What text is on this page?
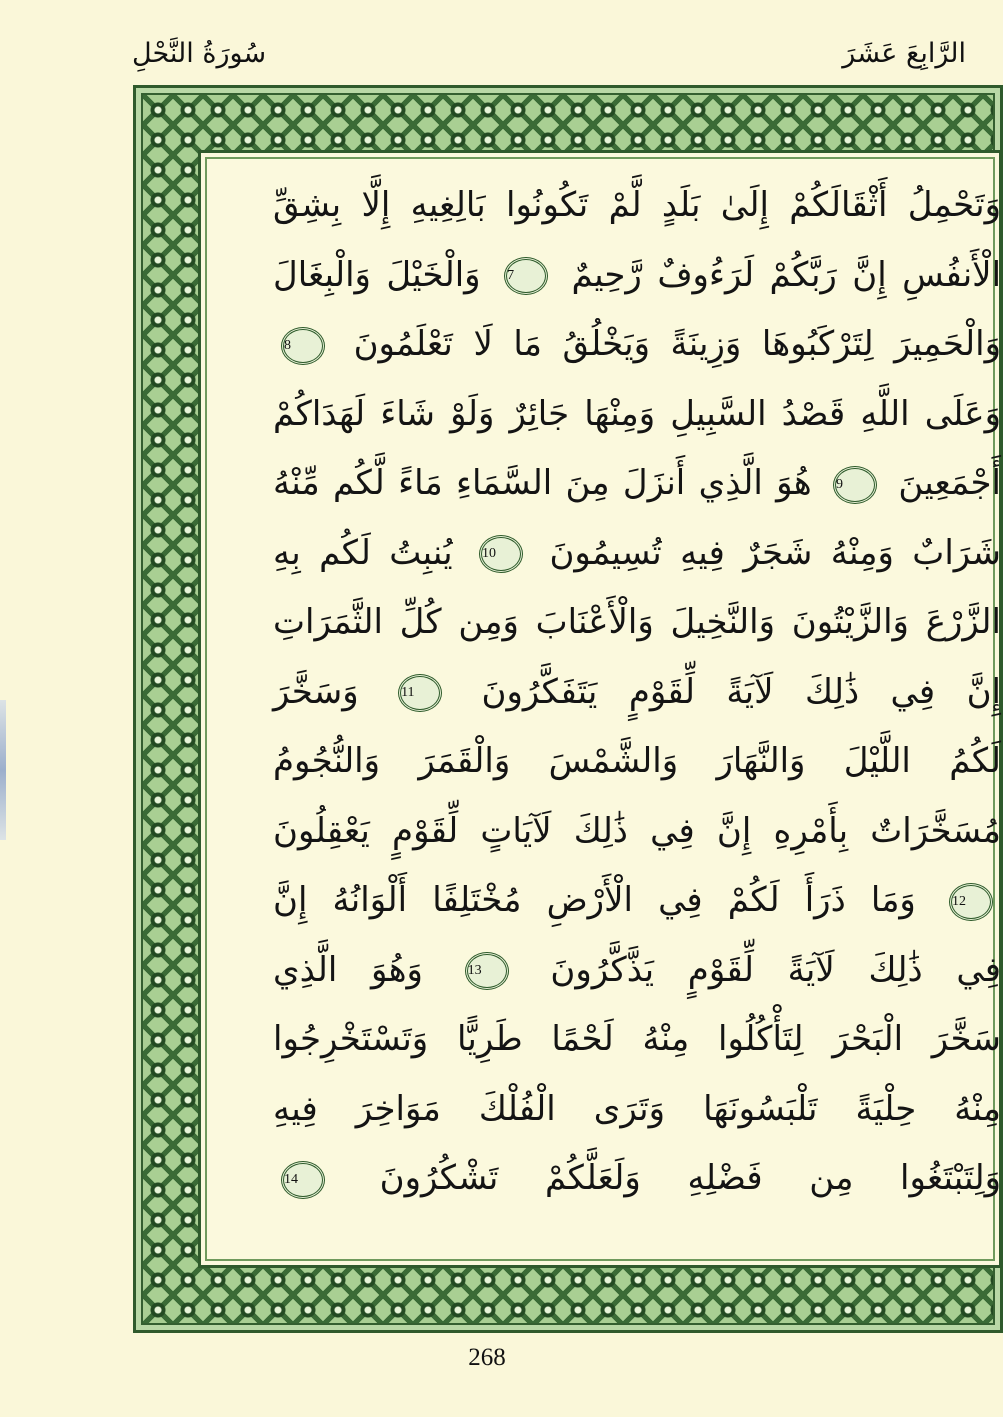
سُورَةُ النَّحْلِ	الرَّابِعَ عَشَرَ
وَتَحْمِلُ أَثْقَالَكُمْ إِلَىٰ بَلَدٍ لَّمْ تَكُونُوا بَالِغِيهِ إِلَّا بِشِقِّ
الْأَنفُسِ إِنَّ رَبَّكُمْ لَرَءُوفٌ رَّحِيمٌ 7 وَالْخَيْلَ وَالْبِغَالَ
وَالْحَمِيرَ لِتَرْكَبُوهَا وَزِينَةً وَيَخْلُقُ مَا لَا تَعْلَمُونَ 8
وَعَلَى اللَّهِ قَصْدُ السَّبِيلِ وَمِنْهَا جَائِرٌ وَلَوْ شَاءَ لَهَدَاكُمْ
أَجْمَعِينَ 9 هُوَ الَّذِي أَنزَلَ مِنَ السَّمَاءِ مَاءً لَّكُم مِّنْهُ
شَرَابٌ وَمِنْهُ شَجَرٌ فِيهِ تُسِيمُونَ 10 يُنبِتُ لَكُم بِهِ
الزَّرْعَ وَالزَّيْتُونَ وَالنَّخِيلَ وَالْأَعْنَابَ وَمِن كُلِّ الثَّمَرَاتِ
إِنَّ فِي ذَٰلِكَ لَآيَةً لِّقَوْمٍ يَتَفَكَّرُونَ 11 وَسَخَّرَ
لَكُمُ اللَّيْلَ وَالنَّهَارَ وَالشَّمْسَ وَالْقَمَرَ وَالنُّجُومُ
مُسَخَّرَاتٌ بِأَمْرِهِ إِنَّ فِي ذَٰلِكَ لَآيَاتٍ لِّقَوْمٍ يَعْقِلُونَ
12 وَمَا ذَرَأَ لَكُمْ فِي الْأَرْضِ مُخْتَلِفًا أَلْوَانُهُ إِنَّ
فِي ذَٰلِكَ لَآيَةً لِّقَوْمٍ يَذَّكَّرُونَ 13 وَهُوَ الَّذِي
سَخَّرَ الْبَحْرَ لِتَأْكُلُوا مِنْهُ لَحْمًا طَرِيًّا وَتَسْتَخْرِجُوا
مِنْهُ حِلْيَةً تَلْبَسُونَهَا وَتَرَى الْفُلْكَ مَوَاخِرَ فِيهِ
وَلِتَبْتَغُوا مِن فَضْلِهِ وَلَعَلَّكُمْ تَشْكُرُونَ 14
268
